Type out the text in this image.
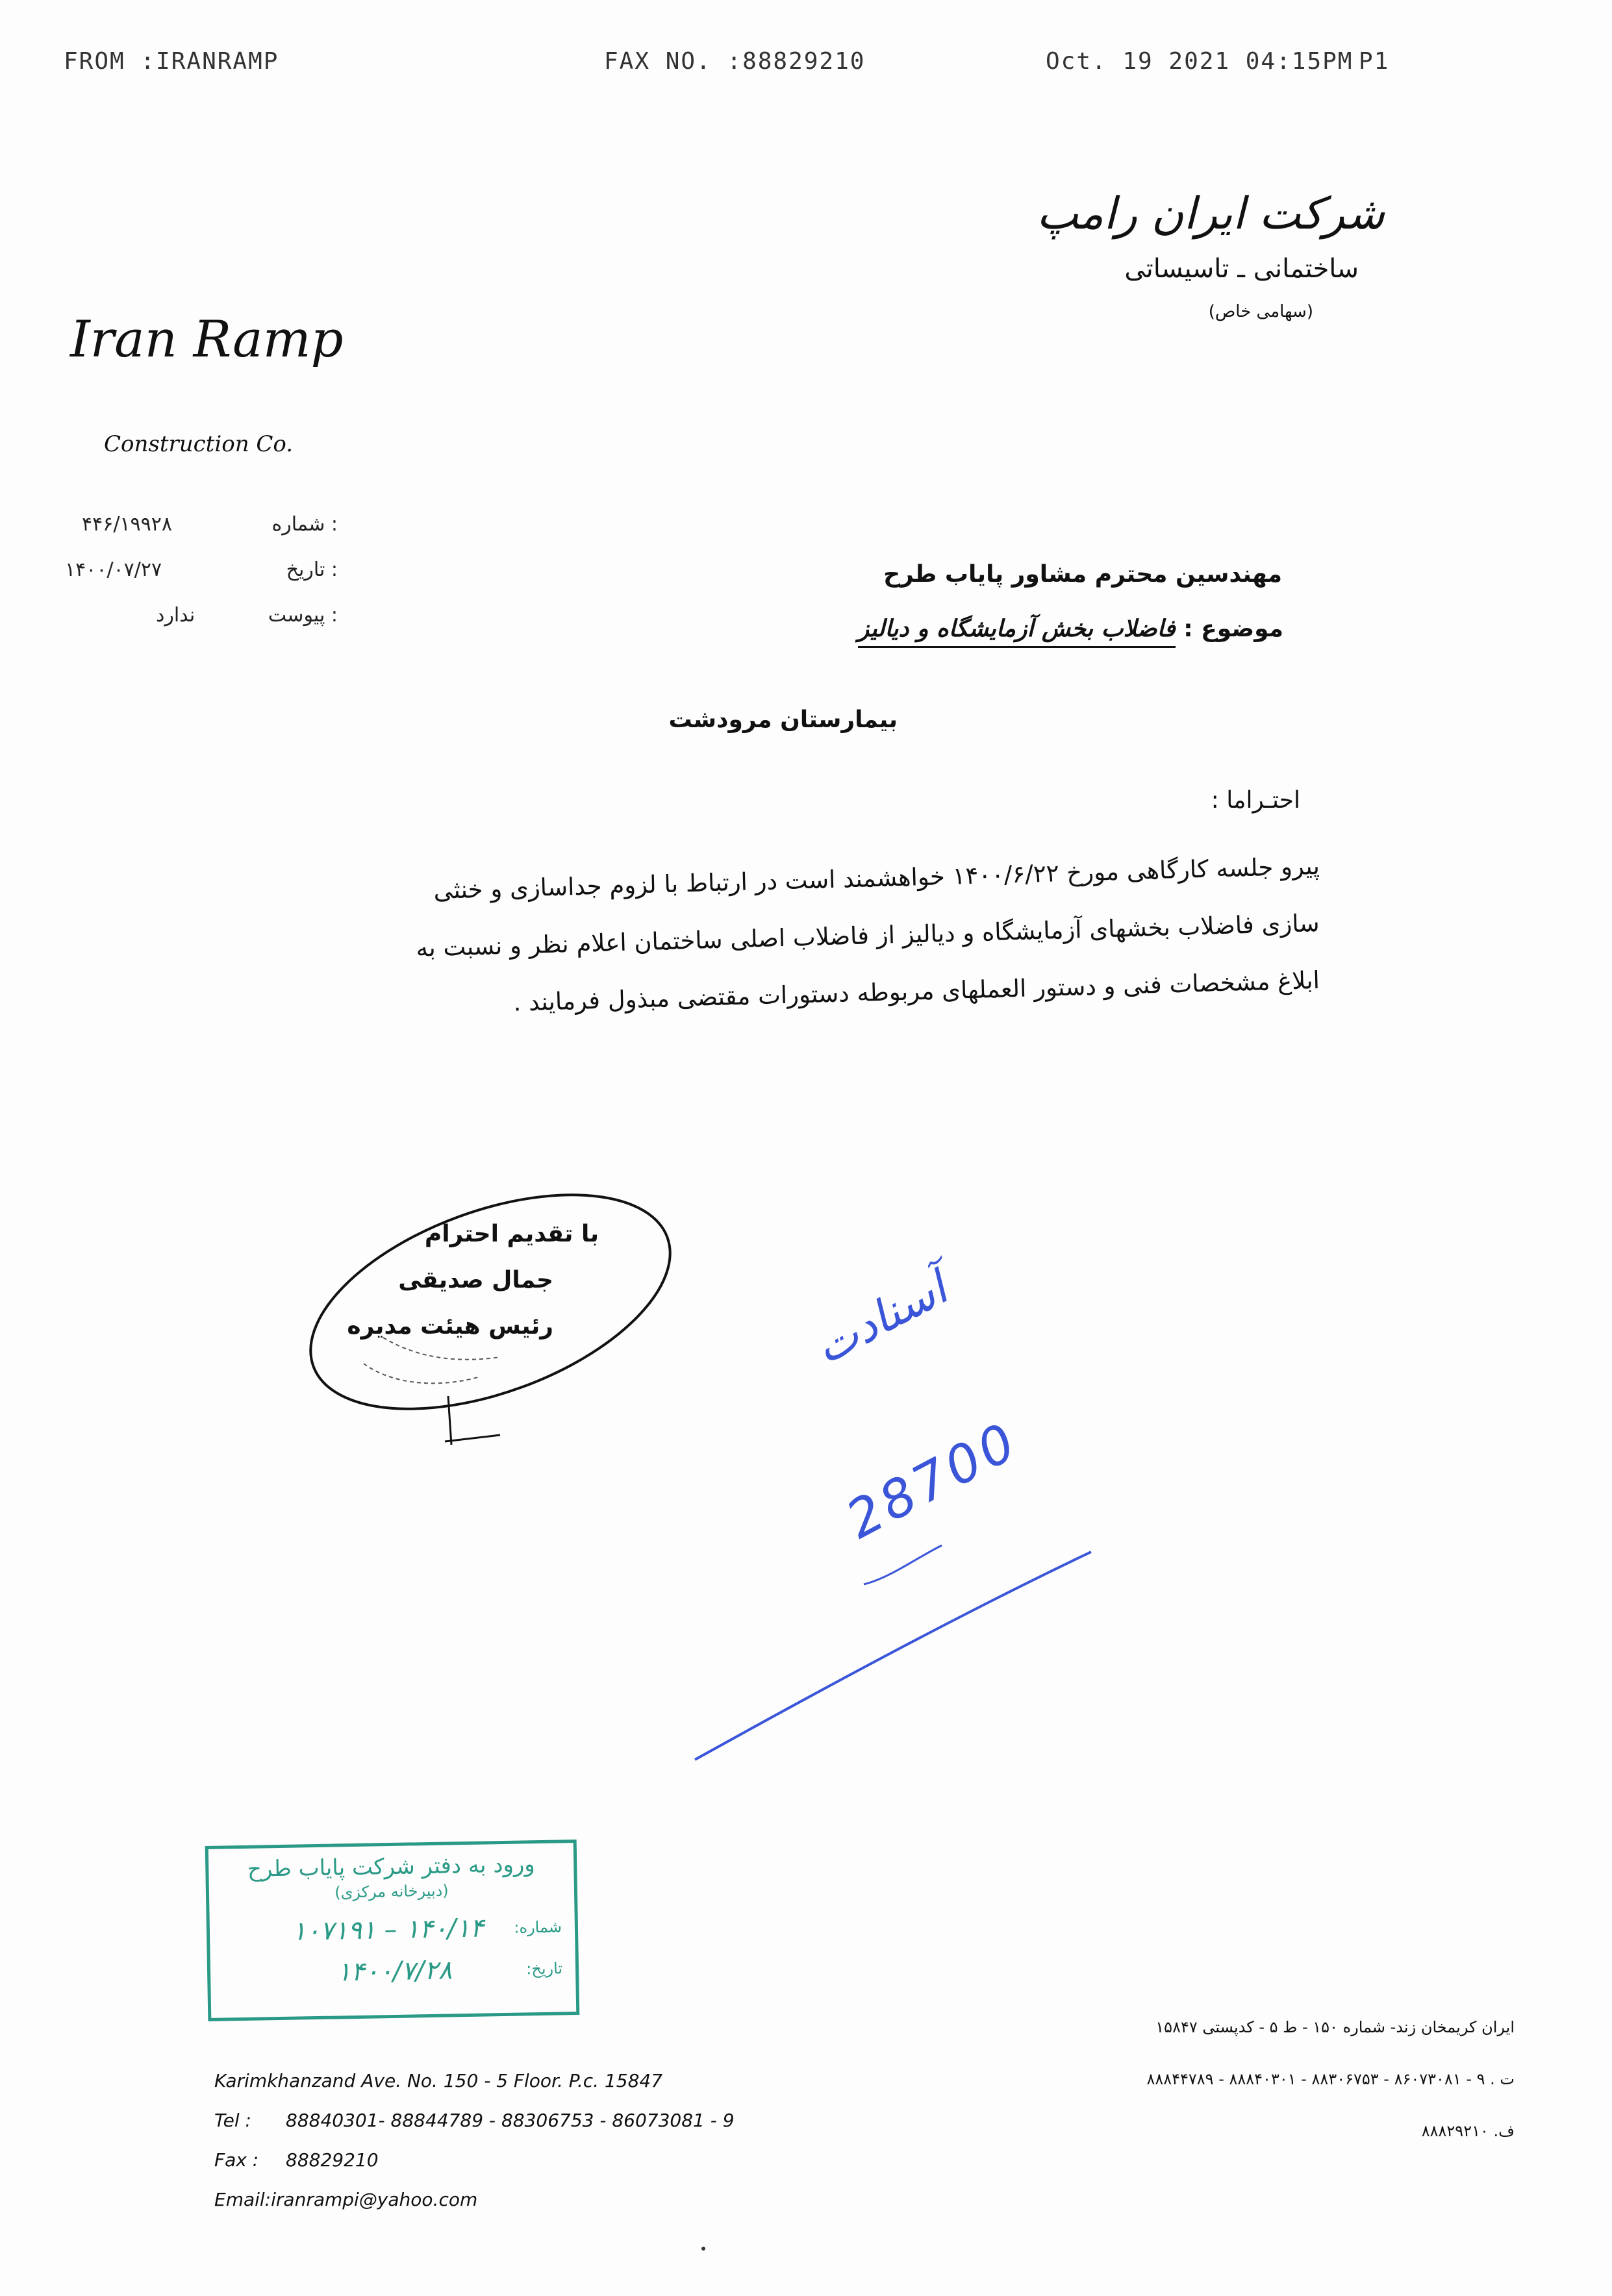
FROM :IRANRAMP	FAX NO. :88829210	Oct. 19 2021 04:15PM P1
شرکت ایران رامپ
ساختمانی ـ تاسیساتی
(سهامی خاص)
Iran Ramp
Construction Co.
۴۴۶/۱۹۹۲۸	شماره :
۱۴۰۰/۰۷/۲۷	تاریخ :
ندارد	پیوست :
مهندسین محترم مشاور پایاب طرح
موضوع : فاضلاب بخش آزمایشگاه و دیالیز
بیمارستان مرودشت
احتـراما :
پیرو جلسه کارگاهی مورخ ۱۴۰۰/۶/۲۲ خواهشمند است در ارتباط با لزوم جداسازی و خنثی
سازی فاضلاب بخشهای آزمایشگاه و دیالیز از فاضلاب اصلی ساختمان اعلام نظر و نسبت به
ابلاغ مشخصات فنی و دستور العملهای مربوطه دستورات مقتضی مبذول فرمایند .
با تقدیم احترام
جمال صدیقی
رئیس هیئت مدیره	آسنادت
28700
ورود به دفتر شرکت پایاب طرح
(دبیرخانه مرکزی)
شماره:
۱۴۰/۱۴ – ۱۰۷۱۹۱
تاریخ:
۱۴۰۰/۷/۲۸
Karimkhanzand Ave. No. 150 - 5 Floor. P.c. 15847
Tel :	88840301- 88844789 - 88306753 - 86073081 - 9
Fax :	88829210
Email:iranrampi@yahoo.com
ایران کریمخان زند- شماره ۱۵۰ - ط ۵ - کدپستی ۱۵۸۴۷
ت . ۹ - ۸۶۰۷۳۰۸۱ - ۸۸۳۰۶۷۵۳ - ۸۸۸۴۰۳۰۱ - ۸۸۸۴۴۷۸۹
ف. ۸۸۸۲۹۲۱۰
